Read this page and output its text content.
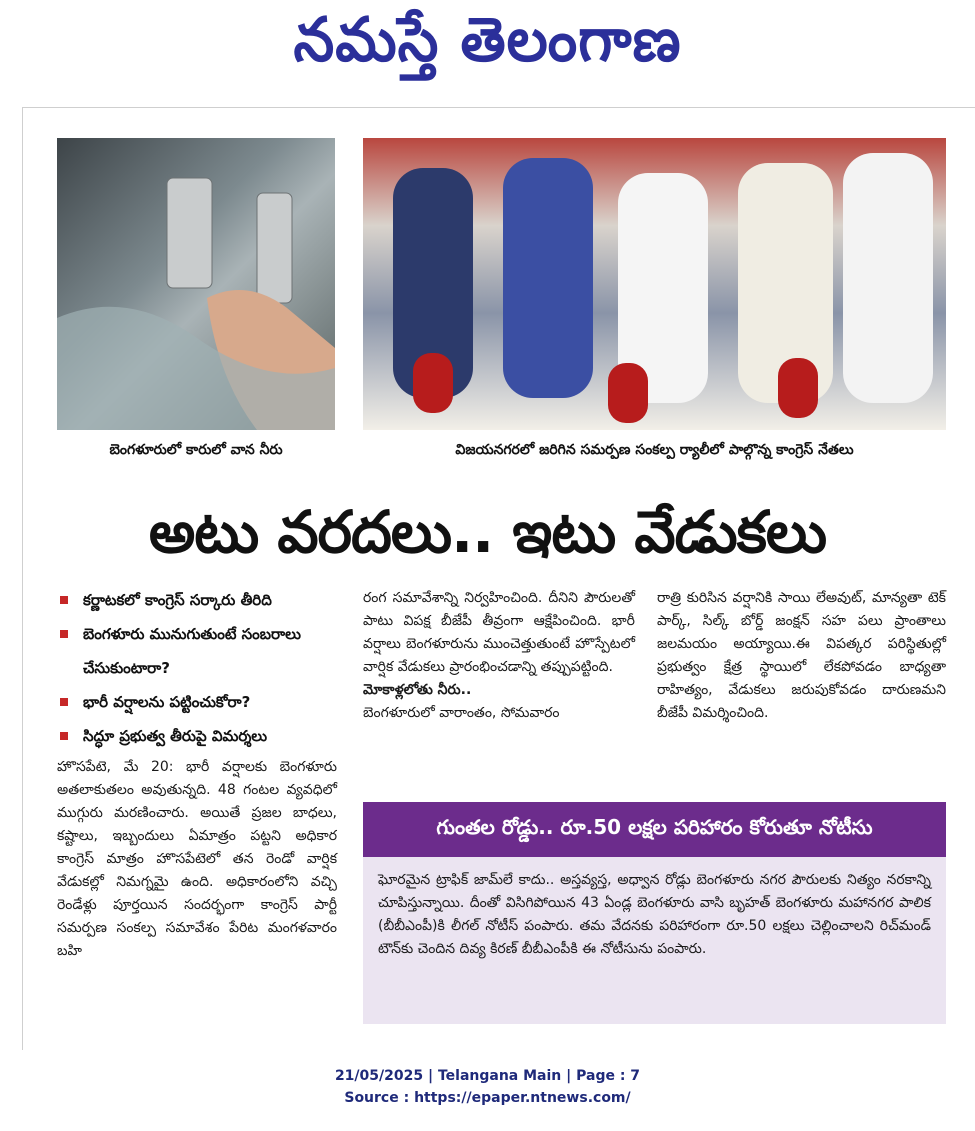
నమస్తే తెలంగాణ
బెంగళూరులో కారులో వాన నీరు	విజయనగరలో జరిగిన సమర్పణ సంకల్ప ర్యాలీలో పాల్గొన్న కాంగ్రెస్‌ నేతలు
అటు వరదలు.. ఇటు వేడుకలు
కర్ణాటకలో కాంగ్రెస్‌ సర్కారు తీరిది
బెంగళూరు మునుగుతుంటే సంబరాలు చేసుకుంటారా?
భారీ వర్షాలను పట్టించుకోరా?
సిద్ధూ ప్రభుత్వ తీరుపై విమర్శలు
హొసపేటె, మే 20: భారీ వర్షాలకు బెంగళూరు అతలాకుతలం అవుతున్నది. 48 గంటల వ్యవధిలో ముగ్గురు మరణించారు. అయితే ప్రజల బాధలు, కష్టాలు, ఇబ్బందులు ఏమాత్రం పట్టని అధికార కాంగ్రెస్‌ మాత్రం హొసపేటెలో తన రెండో వార్షిక వేడుకల్లో నిమగ్నమై ఉంది. అధికారంలోని వచ్చి రెండేళ్లు పూర్తయిన సందర్భంగా కాంగ్రెస్‌ పార్టీ సమర్పణ సంకల్ప సమావేశం పేరిట మంగళవారం బహి
రంగ సమావేశాన్ని నిర్వహించింది. దీనిని పౌరులతో పాటు విపక్ష బీజేపీ తీవ్రంగా ఆక్షేపించింది. భారీ వర్షాలు బెంగళూరును ముంచెత్తుతుంటే హొస్పేటలో వార్షిక వేడుకలు ప్రారంభించడాన్ని తప్పుపట్టింది.
మోకాళ్లలోతు నీరు..
బెంగళూరులో వారాంతం, సోమవారం
రాత్రి కురిసిన వర్షానికి సాయి లేఅవుట్‌, మాన్యతా టెక్‌ పార్క్‌, సిల్క్‌ బోర్డ్‌ జంక్షన్‌ సహ పలు ప్రాంతాలు జలమయం అయ్యాయి.ఈ విపత్కర పరిస్థితుల్లో ప్రభుత్వం క్షేత్ర స్థాయిలో లేకపోవడం బాధ్యతా రాహిత్యం, వేడుకలు జరుపుకోవడం దారుణమని బీజేపీ విమర్శించింది.
గుంతల రోడ్డు.. రూ.50 లక్షల పరిహారం కోరుతూ నోటీసు
ఘోరమైన ట్రాఫిక్‌ జామ్‌లే కాదు.. అస్తవ్యస్త, అధ్వాన రోడ్లు బెంగళూరు నగర పౌరులకు నిత్యం నరకాన్ని చూపిస్తున్నాయి. దీంతో విసిగిపోయిన 43 ఏండ్ల బెంగళూరు వాసి బృహత్‌ బెంగళూరు మహానగర పాలిక (బీబీఎంపీ)కి లీగల్‌ నోటీస్‌ పంపారు. తమ వేదనకు పరిహారంగా రూ.50 లక్షలు చెల్లించాలని రిచ్‌మండ్‌ టౌన్‌కు చెందిన దివ్య కిరణ్‌ బీబీఎంపీకి ఈ నోటీసును పంపారు.
21/05/2025 | Telangana Main | Page : 7
Source : https://epaper.ntnews.com/
